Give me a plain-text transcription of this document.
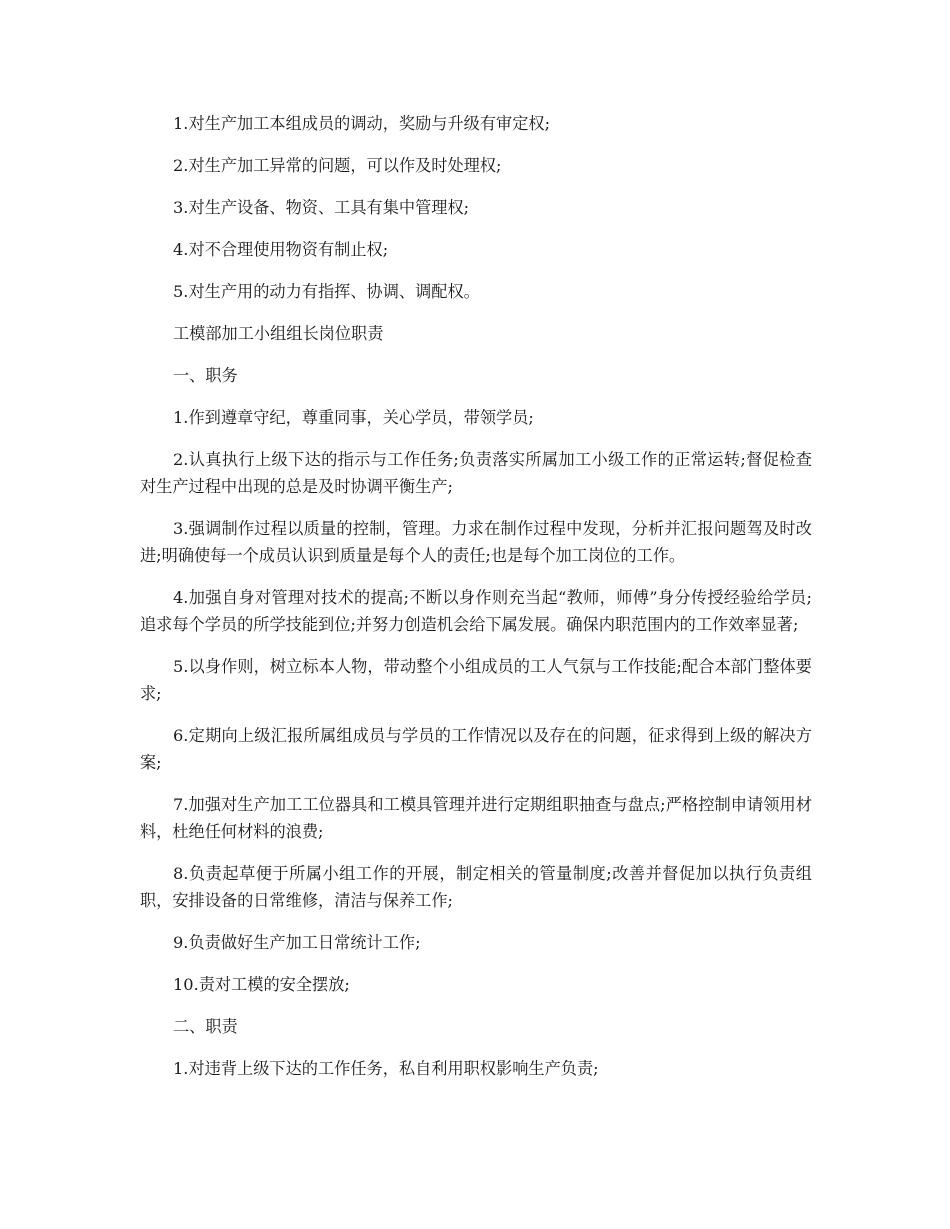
1.对生产加工本组成员的调动，奖励与升级有审定权;

2.对生产加工异常的问题，可以作及时处理权;

3.对生产设备、物资、工具有集中管理权;

4.对不合理使用物资有制止权;

5.对生产用的动力有指挥、协调、调配权。

工模部加工小组组长岗位职责

一、职务

1.作到遵章守纪，尊重同事，关心学员，带领学员;

2.认真执行上级下达的指示与工作任务;负责落实所属加工小级工作的正常运转;督促检查对生产过程中出现的总是及时协调平衡生产;

3.强调制作过程以质量的控制，管理。力求在制作过程中发现，分析并汇报问题驾及时改进;明确使每一个成员认识到质量是每个人的责任;也是每个加工岗位的工作。

4.加强自身对管理对技术的提高;不断以身作则充当起“教师，师傅”身分传授经验给学员;追求每个学员的所学技能到位;并努力创造机会给下属发展。确保内职范围内的工作效率显著;

5.以身作则，树立标本人物，带动整个小组成员的工人气氛与工作技能;配合本部门整体要求;

6.定期向上级汇报所属组成员与学员的工作情况以及存在的问题，征求得到上级的解决方案;

7.加强对生产加工工位器具和工模具管理并进行定期组职抽查与盘点;严格控制申请领用材料，杜绝任何材料的浪费;

8.负责起草便于所属小组工作的开展，制定相关的管量制度;改善并督促加以执行负责组职，安排设备的日常维修，清洁与保养工作;

9.负责做好生产加工日常统计工作;

10.责对工模的安全摆放;

二、职责

1.对违背上级下达的工作任务，私自利用职权影响生产负责;
